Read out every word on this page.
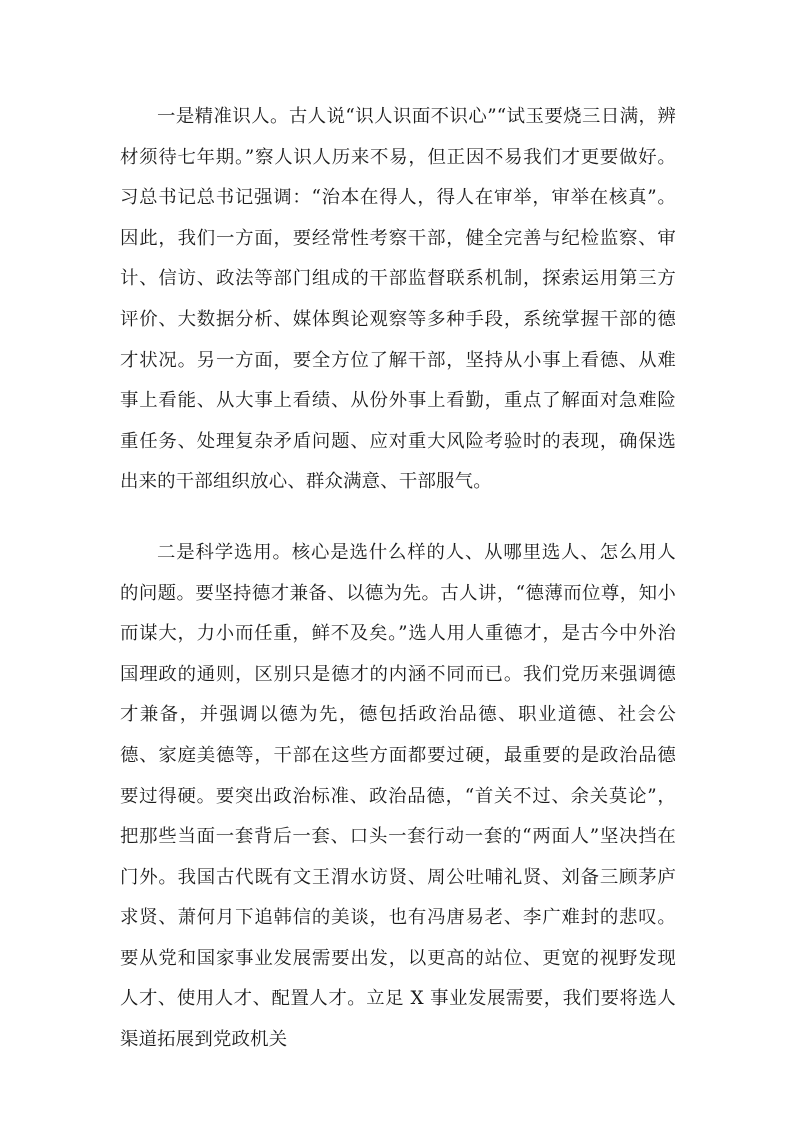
一是精准识人。古人说“识人识面不识心”“试玉要烧三日满，辨材须待七年期。”察人识人历来不易，但正因不易我们才更要做好。习总书记总书记强调：“治本在得人，得人在审举，审举在核真”。因此，我们一方面，要经常性考察干部，健全完善与纪检监察、审计、信访、政法等部门组成的干部监督联系机制，探索运用第三方评价、大数据分析、媒体舆论观察等多种手段，系统掌握干部的德才状况。另一方面，要全方位了解干部，坚持从小事上看德、从难事上看能、从大事上看绩、从份外事上看勤，重点了解面对急难险重任务、处理复杂矛盾问题、应对重大风险考验时的表现，确保选出来的干部组织放心、群众满意、干部服气。

二是科学选用。核心是选什么样的人、从哪里选人、怎么用人的问题。要坚持德才兼备、以德为先。古人讲，“德薄而位尊，知小而谋大，力小而任重，鲜不及矣。”选人用人重德才，是古今中外治国理政的通则，区别只是德才的内涵不同而已。我们党历来强调德才兼备，并强调以德为先，德包括政治品德、职业道德、社会公德、家庭美德等，干部在这些方面都要过硬，最重要的是政治品德要过得硬。要突出政治标准、政治品德，“首关不过、余关莫论”，把那些当面一套背后一套、口头一套行动一套的“两面人”坚决挡在门外。我国古代既有文王渭水访贤、周公吐哺礼贤、刘备三顾茅庐求贤、萧何月下追韩信的美谈，也有冯唐易老、李广难封的悲叹。要从党和国家事业发展需要出发，以更高的站位、更宽的视野发现人才、使用人才、配置人才。立足 X 事业发展需要，我们要将选人渠道拓展到党政机关
